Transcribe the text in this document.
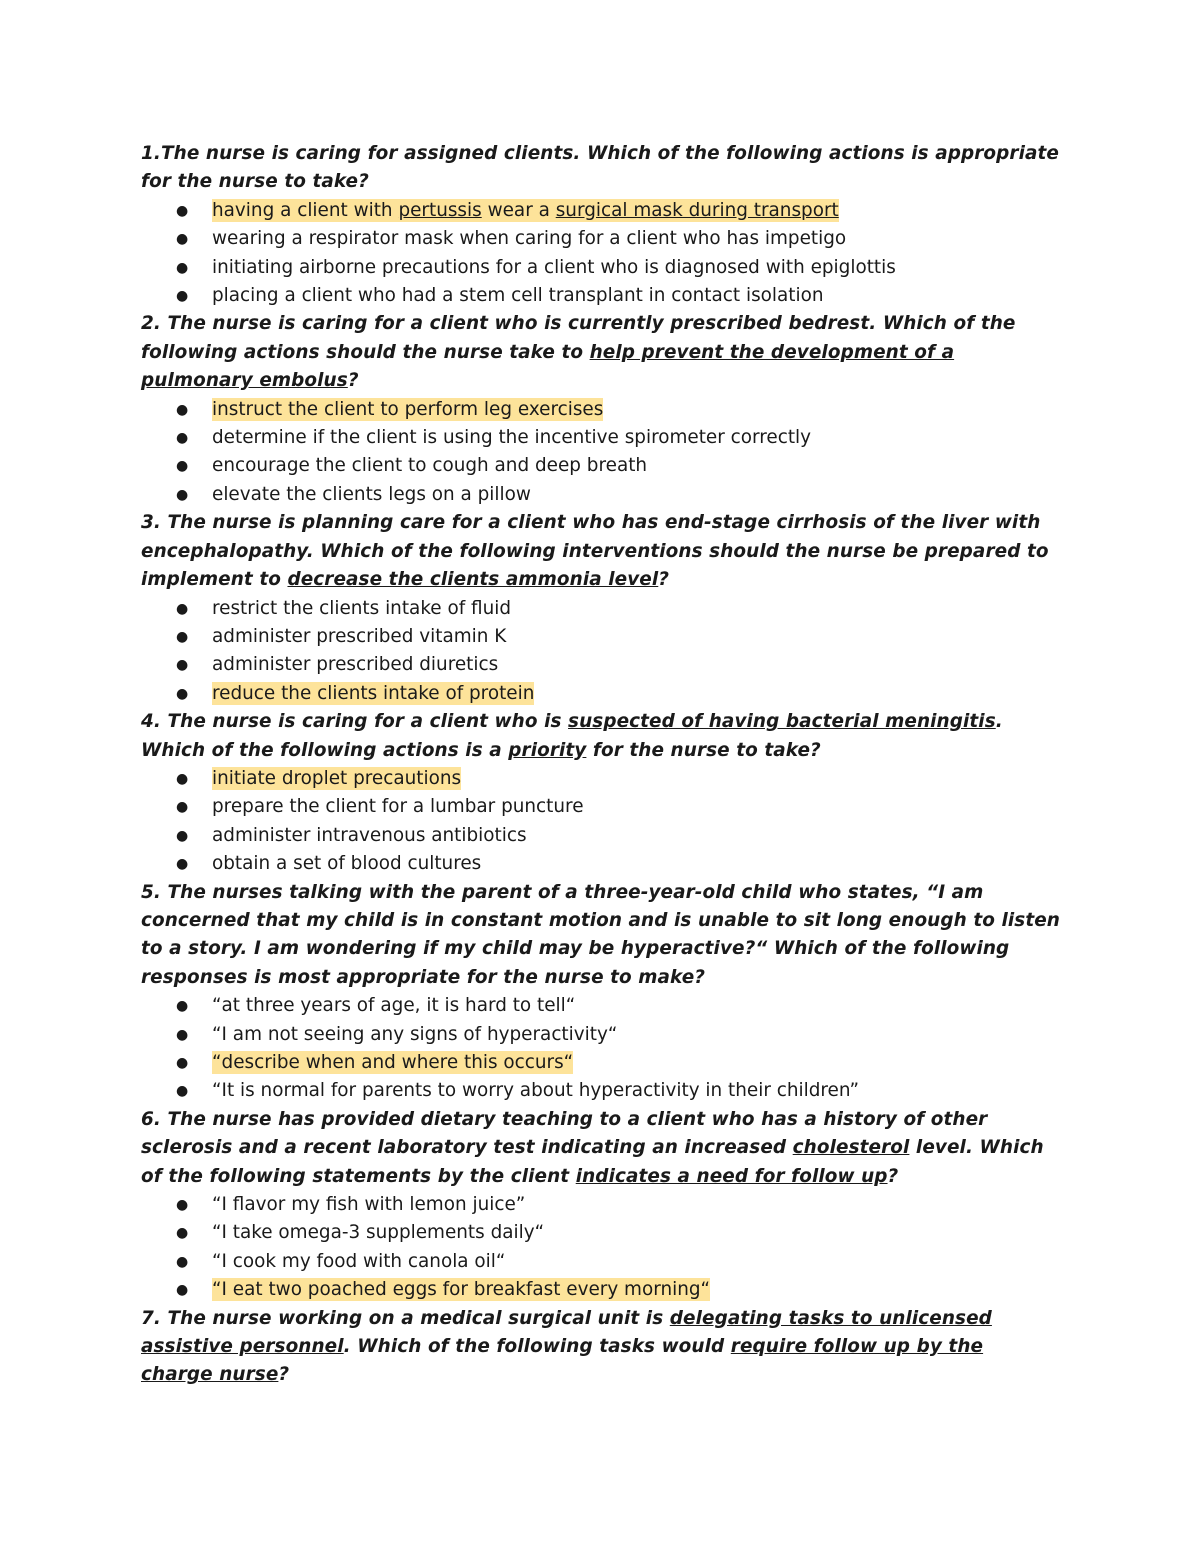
1.The nurse is caring for assigned clients. Which of the following actions is appropriate for the nurse to take?

● having a client with pertussis wear a surgical mask during transport
● wearing a respirator mask when caring for a client who has impetigo
● initiating airborne precautions for a client who is diagnosed with epiglottis
● placing a client who had a stem cell transplant in contact isolation

2. The nurse is caring for a client who is currently prescribed bedrest. Which of the following actions should the nurse take to help prevent the development of a pulmonary embolus?

● instruct the client to perform leg exercises
● determine if the client is using the incentive spirometer correctly
● encourage the client to cough and deep breath
● elevate the clients legs on a pillow

3. The nurse is planning care for a client who has end-stage cirrhosis of the liver with encephalopathy. Which of the following interventions should the nurse be prepared to implement to decrease the clients ammonia level?

● restrict the clients intake of fluid
● administer prescribed vitamin K
● administer prescribed diuretics
● reduce the clients intake of protein

4. The nurse is caring for a client who is suspected of having bacterial meningitis. Which of the following actions is a priority for the nurse to take?

● initiate droplet precautions
● prepare the client for a lumbar puncture
● administer intravenous antibiotics
● obtain a set of blood cultures

5. The nurses talking with the parent of a three-year-old child who states, “I am concerned that my child is in constant motion and is unable to sit long enough to listen to a story. I am wondering if my child may be hyperactive?“ Which of the following responses is most appropriate for the nurse to make?

● “at three years of age, it is hard to tell“
● “I am not seeing any signs of hyperactivity“
● “describe when and where this occurs“
● “It is normal for parents to worry about hyperactivity in their children”

6. The nurse has provided dietary teaching to a client who has a history of other sclerosis and a recent laboratory test indicating an increased cholesterol level. Which of the following statements by the client indicates a need for follow up?

● “I flavor my fish with lemon juice”
● “I take omega-3 supplements daily“
● “I cook my food with canola oil“
● “I eat two poached eggs for breakfast every morning“

7. The nurse working on a medical surgical unit is delegating tasks to unlicensed assistive personnel. Which of the following tasks would require follow up by the charge nurse?
